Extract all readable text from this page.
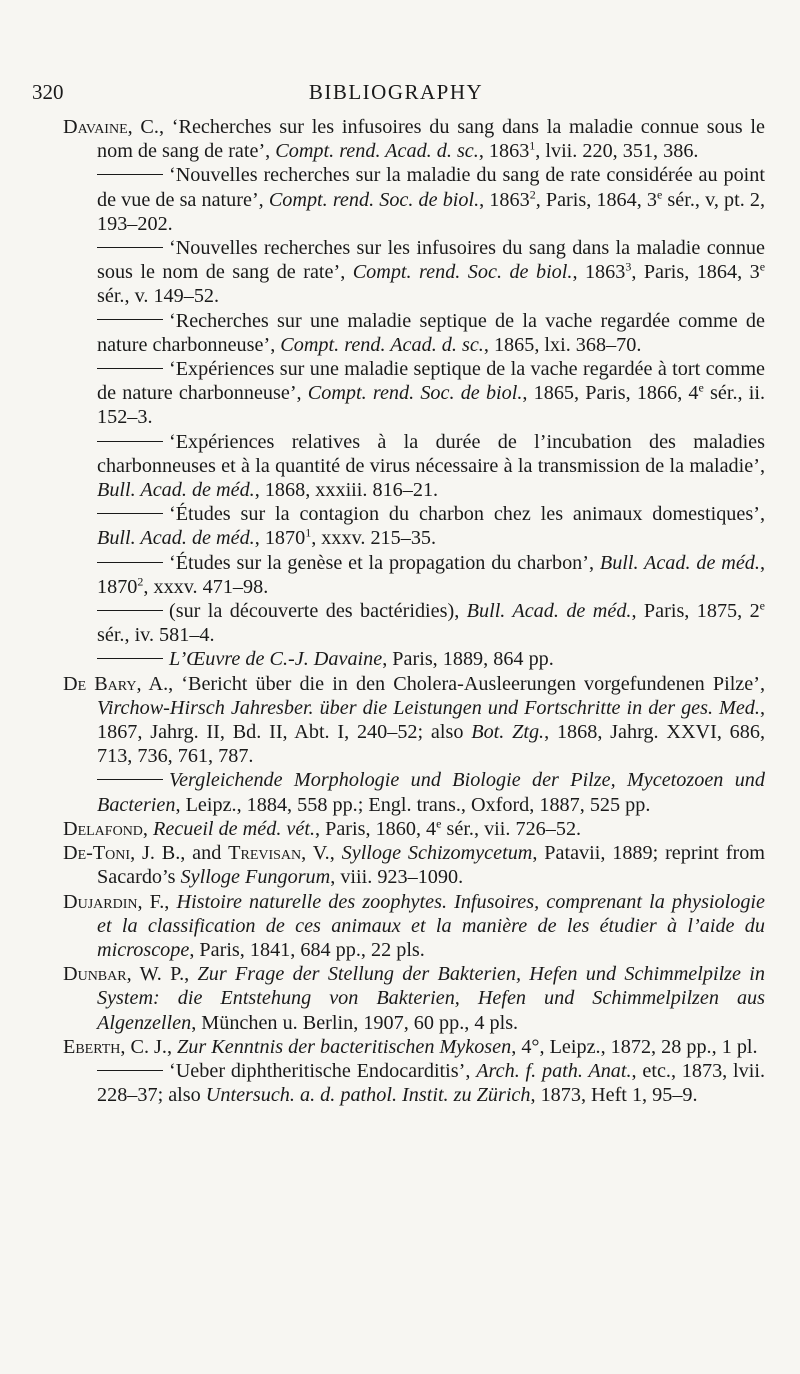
320	BIBLIOGRAPHY

Davaine, C., ‘Recherches sur les infusoires du sang dans la maladie connue sous le nom de sang de rate’, Compt. rend. Acad. d. sc., 1863$^1$, lvii. 220, 351, 386.

‘Nouvelles recherches sur la maladie du sang de rate considérée au point de vue de sa nature’, Compt. rend. Soc. de biol., 1863$^2$, Paris, 1864, 3e sér., v, pt. 2, 193–202.

‘Nouvelles recherches sur les infusoires du sang dans la maladie connue sous le nom de sang de rate’, Compt. rend. Soc. de biol., 1863$^3$, Paris, 1864, 3e sér., v. 149–52.

‘Recherches sur une maladie septique de la vache regardée comme de nature charbonneuse’, Compt. rend. Acad. d. sc., 1865, lxi. 368–70.

‘Expériences sur une maladie septique de la vache regardée à tort comme de nature charbonneuse’, Compt. rend. Soc. de biol., 1865, Paris, 1866, 4e sér., ii. 152–3.

‘Expériences relatives à la durée de l’incubation des maladies charbonneuses et à la quantité de virus nécessaire à la transmission de la maladie’, Bull. Acad. de méd., 1868, xxxiii. 816–21.

‘Études sur la contagion du charbon chez les animaux domestiques’, Bull. Acad. de méd., 1870$^1$, xxxv. 215–35.

‘Études sur la genèse et la propagation du charbon’, Bull. Acad. de méd., 1870$^2$, xxxv. 471–98.

(sur la découverte des bactéridies), Bull. Acad. de méd., Paris, 1875, 2e sér., iv. 581–4.

L’Œuvre de C.-J. Davaine, Paris, 1889, 864 pp.

De Bary, A., ‘Bericht über die in den Cholera-Ausleerungen vorgefundenen Pilze’, Virchow-Hirsch Jahresber. über die Leistungen und Fortschritte in der ges. Med., 1867, Jahrg. II, Bd. II, Abt. I, 240–52; also Bot. Ztg., 1868, Jahrg. XXVI, 686, 713, 736, 761, 787.

Vergleichende Morphologie und Biologie der Pilze, Mycetozoen und Bacterien, Leipz., 1884, 558 pp.; Engl. trans., Oxford, 1887, 525 pp.

Delafond, Recueil de méd. vét., Paris, 1860, 4e sér., vii. 726–52.

De-Toni, J. B., and Trevisan, V., Sylloge Schizomycetum, Patavii, 1889; reprint from Sacardo’s Sylloge Fungorum, viii. 923–1090.

Dujardin, F., Histoire naturelle des zoophytes. Infusoires, comprenant la physiologie et la classification de ces animaux et la manière de les étudier à l’aide du microscope, Paris, 1841, 684 pp., 22 pls.

Dunbar, W. P., Zur Frage der Stellung der Bakterien, Hefen und Schimmelpilze in System: die Entstehung von Bakterien, Hefen und Schimmelpilzen aus Algenzellen, München u. Berlin, 1907, 60 pp., 4 pls.

Eberth, C. J., Zur Kenntnis der bacteritischen Mykosen, 4°, Leipz., 1872, 28 pp., 1 pl.

‘Ueber diphtheritische Endocarditis’, Arch. f. path. Anat., etc., 1873, lvii. 228–37; also Untersuch. a. d. pathol. Instit. zu Zürich, 1873, Heft 1, 95–9.
